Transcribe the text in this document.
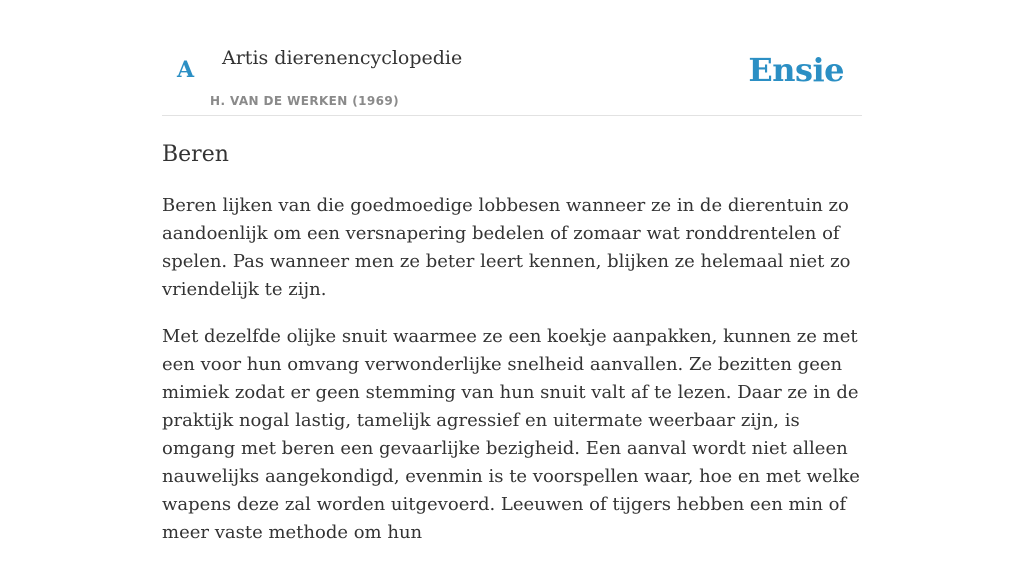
A Artis dierenencyclopedie
H. VAN DE WERKEN (1969)
Ensie
Beren

Beren lijken van die goedmoedige lobbesen wanneer ze in de dierentuin zo aandoenlijk om een versnapering bedelen of zomaar wat ronddrentelen of spelen. Pas wanneer men ze beter leert kennen, blijken ze helemaal niet zo vriendelijk te zijn.

Met dezelfde olijke snuit waarmee ze een koekje aanpakken, kunnen ze met een voor hun omvang verwonderlijke snelheid aanvallen. Ze bezitten geen mimiek zodat er geen stemming van hun snuit valt af te lezen. Daar ze in de praktijk nogal lastig, tamelijk agressief en uitermate weerbaar zijn, is omgang met beren een gevaarlijke bezigheid. Een aanval wordt niet alleen nauwelijks aangekondigd, evenmin is te voorspellen waar, hoe en met welke wapens deze zal worden uitgevoerd. Leeuwen of tijgers hebben een min of meer vaste methode om hun
